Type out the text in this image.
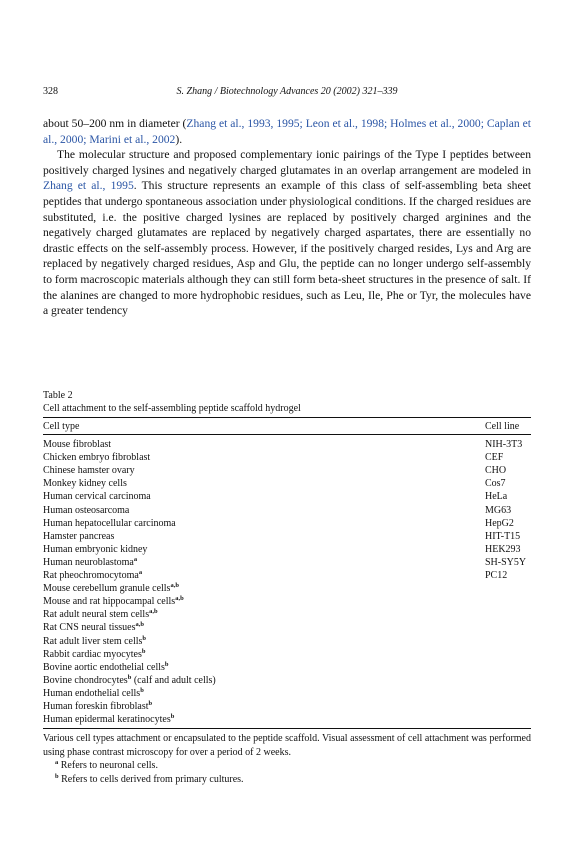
328	S. Zhang / Biotechnology Advances 20 (2002) 321–339

about 50–200 nm in diameter (Zhang et al., 1993, 1995; Leon et al., 1998; Holmes et al., 2000; Caplan et al., 2000; Marini et al., 2002).

The molecular structure and proposed complementary ionic pairings of the Type I peptides between positively charged lysines and negatively charged glutamates in an overlap arrangement are modeled in Zhang et al., 1995. This structure represents an example of this class of self-assembling beta sheet peptides that undergo spontaneous association under physiological conditions. If the charged residues are substituted, i.e. the positive charged lysines are replaced by positively charged arginines and the negatively charged glutamates are replaced by negatively charged aspartates, there are essentially no drastic effects on the self-assembly process. However, if the positively charged resides, Lys and Arg are replaced by negatively charged residues, Asp and Glu, the peptide can no longer undergo self-assembly to form macroscopic materials although they can still form beta-sheet structures in the presence of salt. If the alanines are changed to more hydrophobic residues, such as Leu, Ile, Phe or Tyr, the molecules have a greater tendency

Table 2
Cell attachment to the self-assembling peptide scaffold hydrogel
Cell type	Cell line
Mouse fibroblast	NIH-3T3
Chicken embryo fibroblast	CEF
Chinese hamster ovary	CHO
Monkey kidney cells	Cos7
Human cervical carcinoma	HeLa
Human osteosarcoma	MG63
Human hepatocellular carcinoma	HepG2
Hamster pancreas	HIT-T15
Human embryonic kidney	HEK293
Human neuroblastoma$^a$	SH-SY5Y
Rat pheochromocytoma$^a$	PC12
Mouse cerebellum granule cells$^{a,b}$
Mouse and rat hippocampal cells$^{a,b}$
Rat adult neural stem cells$^{a,b}$
Rat CNS neural tissues$^{a,b}$
Rat adult liver stem cells$^b$
Rabbit cardiac myocytes$^b$
Bovine aortic endothelial cells$^b$
Bovine chondrocytes$^b$ (calf and adult cells)
Human endothelial cells$^b$
Human foreskin fibroblast$^b$
Human epidermal keratinocytes$^b$
Various cell types attachment or encapsulated to the peptide scaffold. Visual assessment of cell attachment was performed using phase contrast microscopy for over a period of 2 weeks.
$^a$ Refers to neuronal cells.
$^b$ Refers to cells derived from primary cultures.
